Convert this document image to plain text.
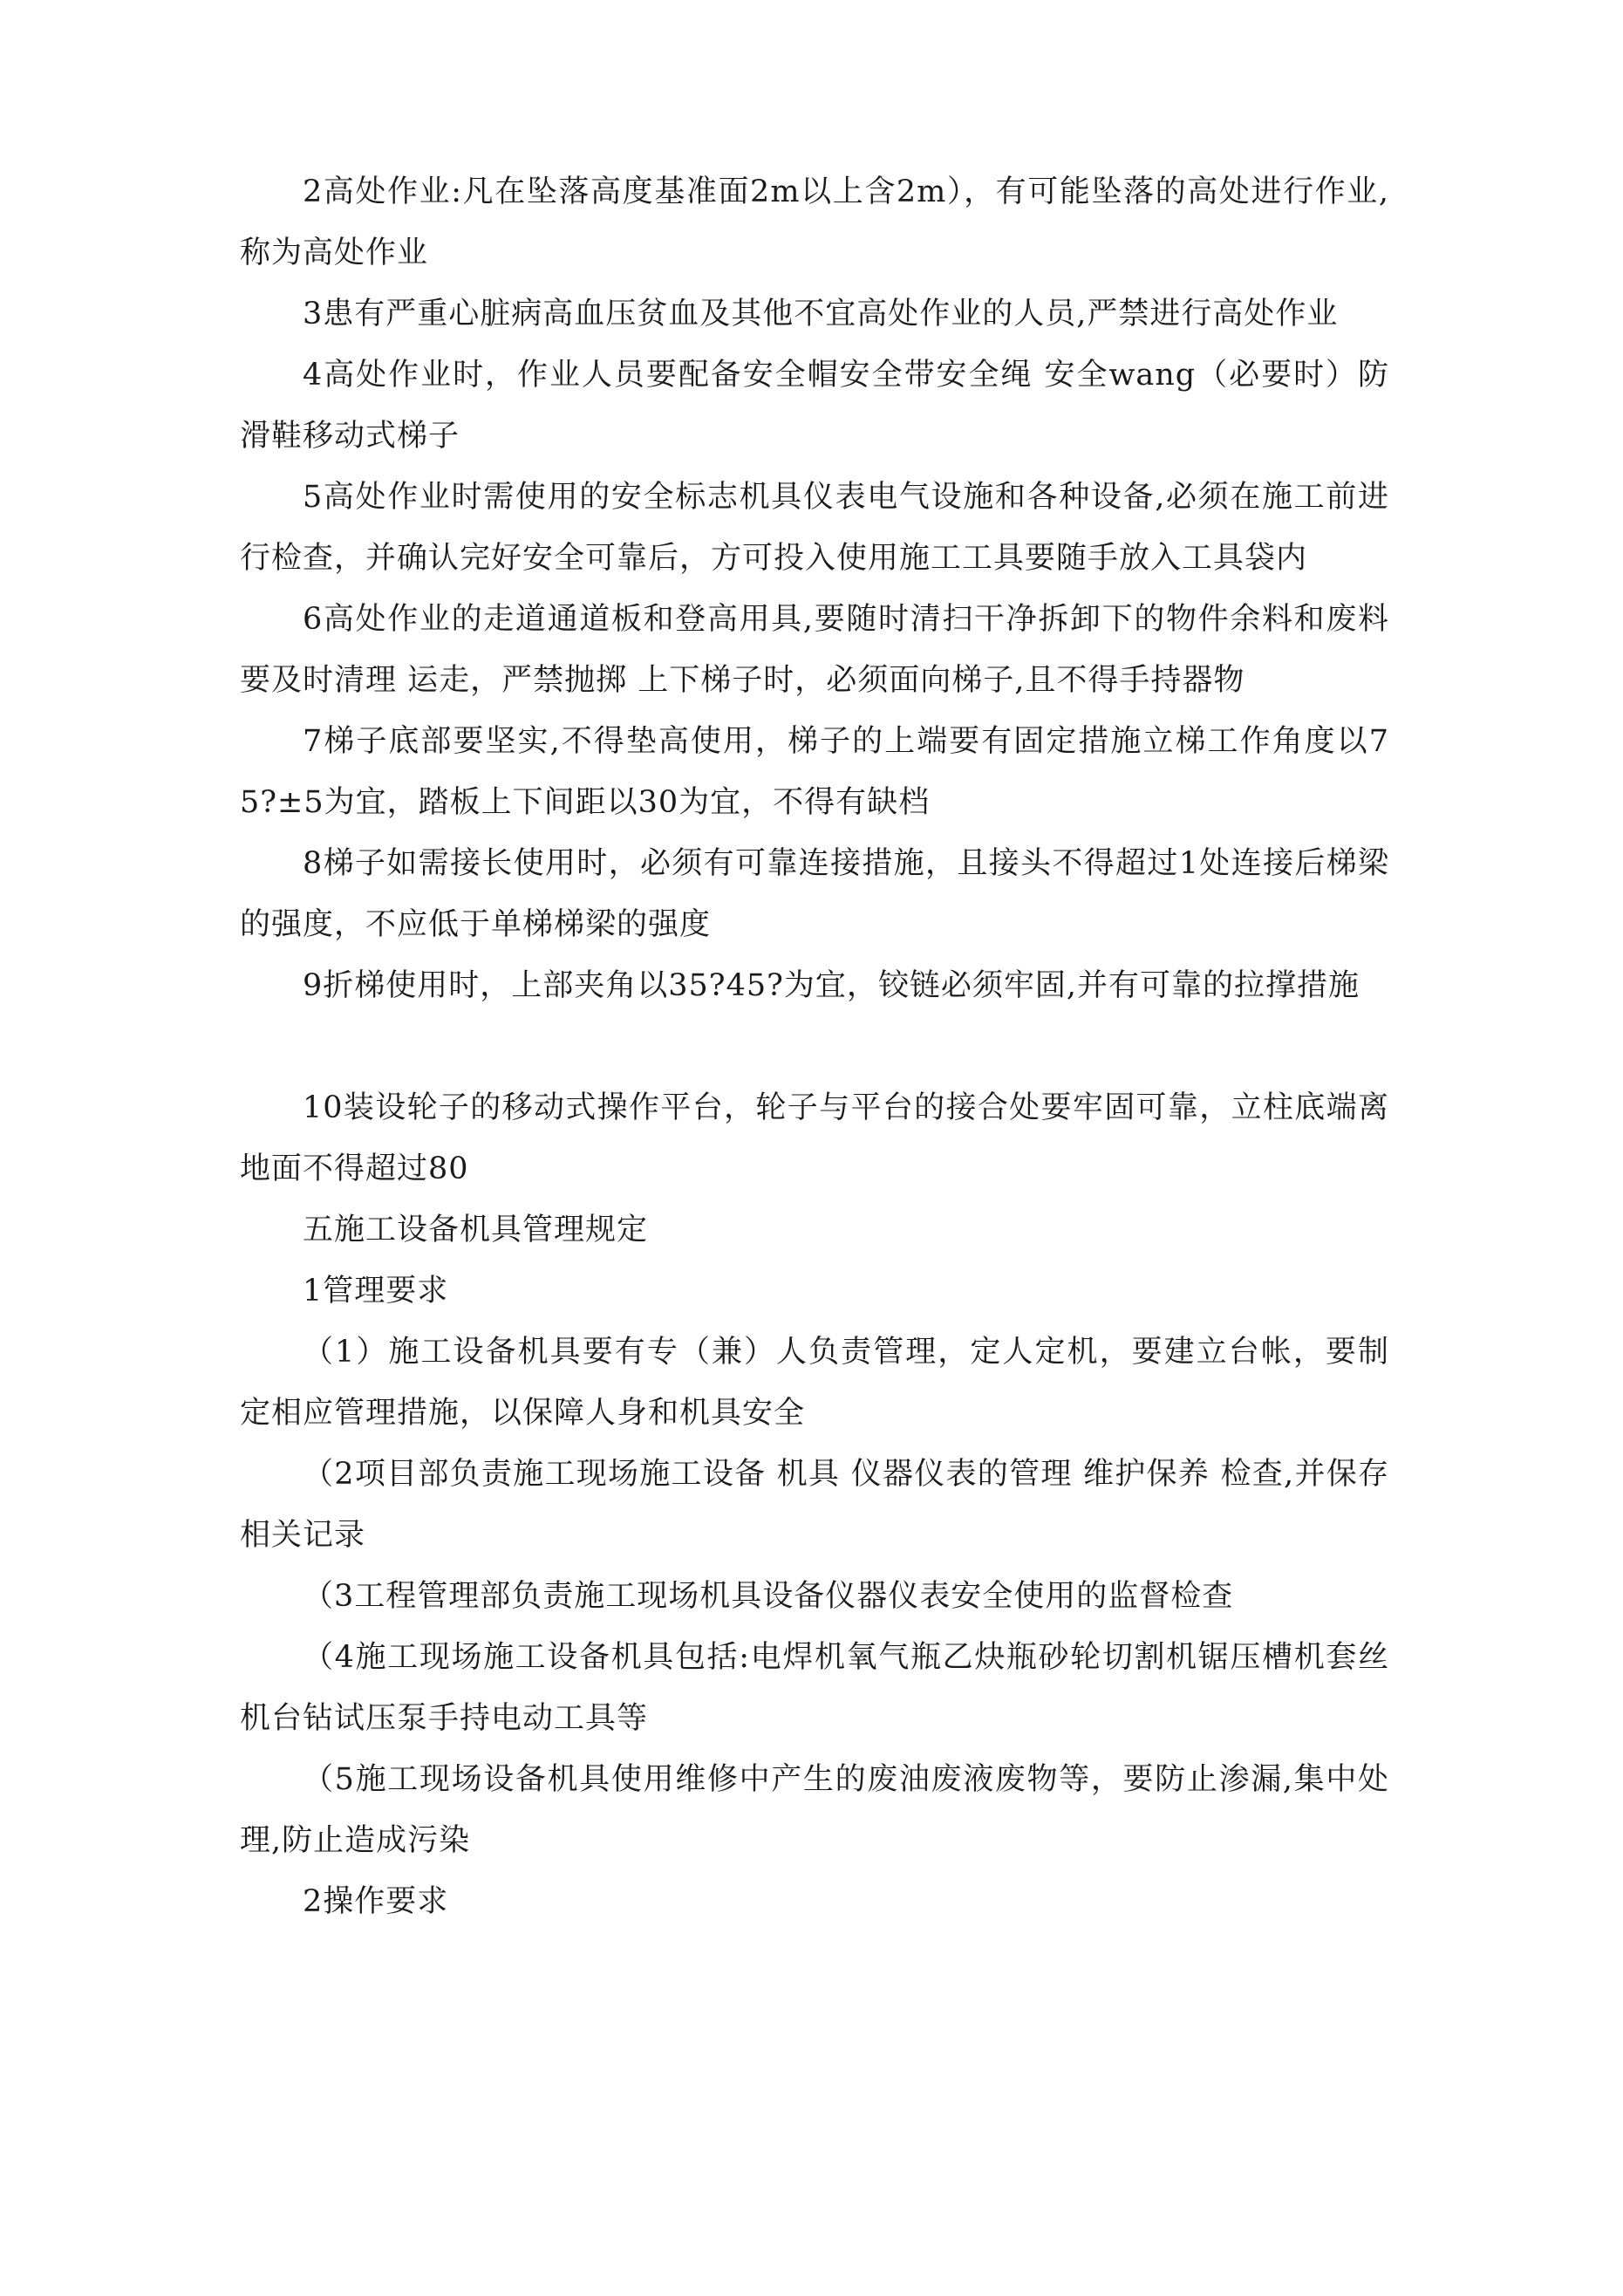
2高处作业:凡在坠落高度基准面2m以上含2m），有可能坠落的高处进行作业,称为高处作业

3患有严重心脏病高血压贫血及其他不宜高处作业的人员,严禁进行高处作业

4高处作业时，作业人员要配备安全帽安全带安全绳 安全wang（必要时）防滑鞋移动式梯子

5高处作业时需使用的安全标志机具仪表电气设施和各种设备,必须在施工前进行检查，并确认完好安全可靠后，方可投入使用施工工具要随手放入工具袋内

6高处作业的走道通道板和登高用具,要随时清扫干净拆卸下的物件余料和废料要及时清理 运走，严禁抛掷 上下梯子时，必须面向梯子,且不得手持器物

7梯子底部要坚实,不得垫高使用，梯子的上端要有固定措施立梯工作角度以75?±5为宜，踏板上下间距以30为宜，不得有缺档

8梯子如需接长使用时，必须有可靠连接措施，且接头不得超过1处连接后梯梁的强度，不应低于单梯梯梁的强度

9折梯使用时，上部夹角以35?45?为宜，铰链必须牢固,并有可靠的拉撑措施

10装设轮子的移动式操作平台，轮子与平台的接合处要牢固可靠，立柱底端离地面不得超过80

五施工设备机具管理规定

1管理要求

（1）施工设备机具要有专（兼）人负责管理，定人定机，要建立台帐，要制定相应管理措施，以保障人身和机具安全

（2项目部负责施工现场施工设备 机具 仪器仪表的管理 维护保养 检查,并保存相关记录

（3工程管理部负责施工现场机具设备仪器仪表安全使用的监督检查

（4施工现场施工设备机具包括:电焊机氧气瓶乙炔瓶砂轮切割机锯压槽机套丝机台钻试压泵手持电动工具等

（5施工现场设备机具使用维修中产生的废油废液废物等，要防止渗漏,集中处理,防止造成污染

2操作要求
